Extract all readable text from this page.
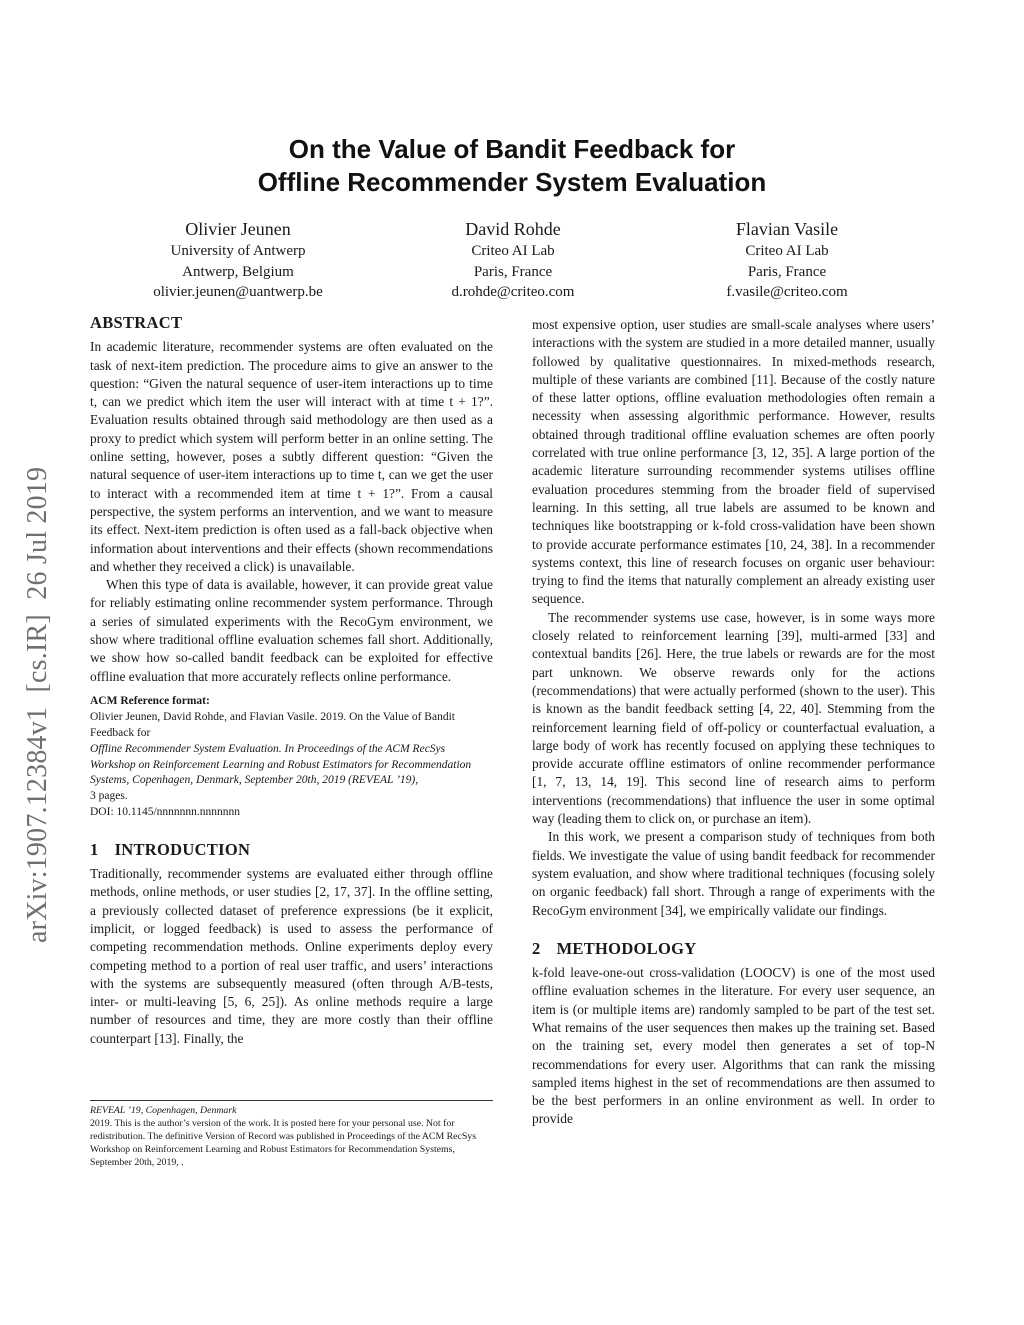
arXiv:1907.12384v1  [cs.IR]  26 Jul 2019
On the Value of Bandit Feedback for
Offline Recommender System Evaluation
Olivier Jeunen
University of Antwerp
Antwerp, Belgium
olivier.jeunen@uantwerp.be
David Rohde
Criteo AI Lab
Paris, France
d.rohde@criteo.com
Flavian Vasile
Criteo AI Lab
Paris, France
f.vasile@criteo.com
ABSTRACT

In academic literature, recommender systems are often evaluated on the task of next-item prediction. The procedure aims to give an answer to the question: “Given the natural sequence of user-item interactions up to time t, can we predict which item the user will interact with at time t + 1?”. Evaluation results obtained through said methodology are then used as a proxy to predict which system will perform better in an online setting. The online setting, however, poses a subtly different question: “Given the natural sequence of user-item interactions up to time t, can we get the user to interact with a recommended item at time t + 1?”. From a causal perspective, the system performs an intervention, and we want to measure its effect. Next-item prediction is often used as a fall-back objective when information about interventions and their effects (shown recommendations and whether they received a click) is unavailable.

When this type of data is available, however, it can provide great value for reliably estimating online recommender system performance. Through a series of simulated experiments with the RecoGym environment, we show where traditional offline evaluation schemes fall short. Additionally, we show how so-called bandit feedback can be exploited for effective offline evaluation that more accurately reflects online performance.

ACM Reference format:
Olivier Jeunen, David Rohde, and Flavian Vasile. 2019. On the Value of Bandit Feedback for
Offline Recommender System Evaluation. In Proceedings of the ACM RecSys Workshop on Reinforcement Learning and Robust Estimators for Recommendation Systems, Copenhagen, Denmark, September 20th, 2019 (REVEAL ’19),
3 pages.
DOI: 10.1145/nnnnnnn.nnnnnnn
1 INTRODUCTION

Traditionally, recommender systems are evaluated either through offline methods, online methods, or user studies [2, 17, 37]. In the offline setting, a previously collected dataset of preference expressions (be it explicit, implicit, or logged feedback) is used to assess the performance of competing recommendation methods. Online experiments deploy every competing method to a portion of real user traffic, and users’ interactions with the systems are subsequently measured (often through A/B-tests, inter- or multi-leaving [5, 6, 25]). As online methods require a large number of resources and time, they are more costly than their offline counterpart [13]. Finally, the

REVEAL ’19, Copenhagen, Denmark
2019. This is the author’s version of the work. It is posted here for your personal use. Not for redistribution. The definitive Version of Record was published in Proceedings of the ACM RecSys Workshop on Reinforcement Learning and Robust Estimators for Recommendation Systems, September 20th, 2019, .

most expensive option, user studies are small-scale analyses where users’ interactions with the system are studied in a more detailed manner, usually followed by qualitative questionnaires. In mixed-methods research, multiple of these variants are combined [11]. Because of the costly nature of these latter options, offline evaluation methodologies often remain a necessity when assessing algorithmic performance. However, results obtained through traditional offline evaluation schemes are often poorly correlated with true online performance [3, 12, 35]. A large portion of the academic literature surrounding recommender systems utilises offline evaluation procedures stemming from the broader field of supervised learning. In this setting, all true labels are assumed to be known and techniques like bootstrapping or k-fold cross-validation have been shown to provide accurate performance estimates [10, 24, 38]. In a recommender systems context, this line of research focuses on organic user behaviour: trying to find the items that naturally complement an already existing user sequence.

The recommender systems use case, however, is in some ways more closely related to reinforcement learning [39], multi-armed [33] and contextual bandits [26]. Here, the true labels or rewards are for the most part unknown. We observe rewards only for the actions (recommendations) that were actually performed (shown to the user). This is known as the bandit feedback setting [4, 22, 40]. Stemming from the reinforcement learning field of off-policy or counterfactual evaluation, a large body of work has recently focused on applying these techniques to provide accurate offline estimators of online recommender performance [1, 7, 13, 14, 19]. This second line of research aims to perform interventions (recommendations) that influence the user in some optimal way (leading them to click on, or purchase an item).

In this work, we present a comparison study of techniques from both fields. We investigate the value of using bandit feedback for recommender system evaluation, and show where traditional techniques (focusing solely on organic feedback) fall short. Through a range of experiments with the RecoGym environment [34], we empirically validate our findings.

2 METHODOLOGY

k-fold leave-one-out cross-validation (LOOCV) is one of the most used offline evaluation schemes in the literature. For every user sequence, an item is (or multiple items are) randomly sampled to be part of the test set. What remains of the user sequences then makes up the training set. Based on the training set, every model then generates a set of top-N recommendations for every user. Algorithms that can rank the missing sampled items highest in the set of recommendations are then assumed to be the best performers in an online environment as well. In order to provide
